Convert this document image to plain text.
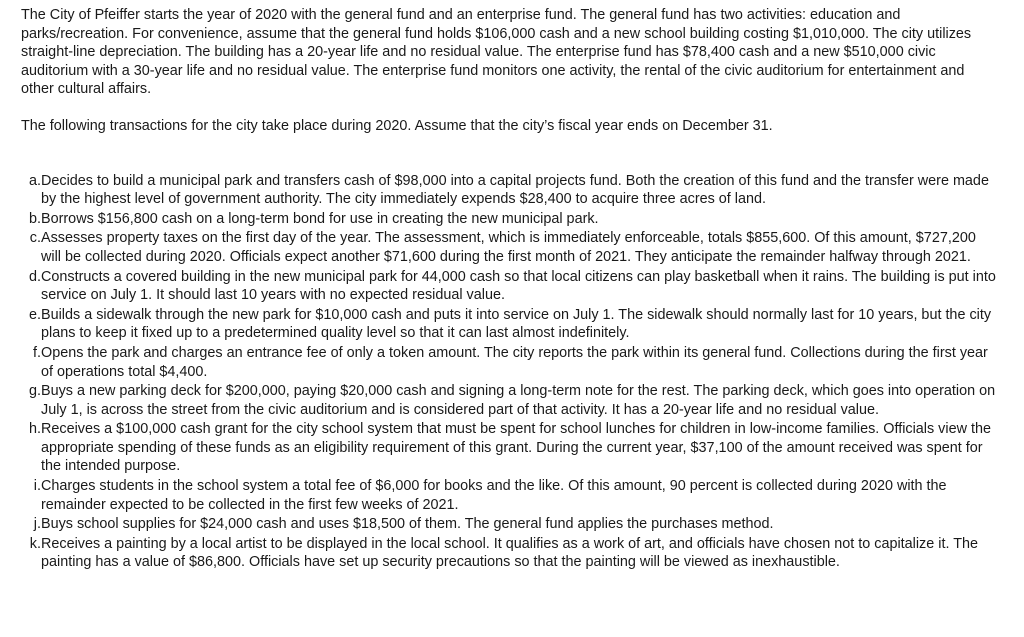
The City of Pfeiffer starts the year of 2020 with the general fund and an enterprise fund. The general fund has two activities: education and parks/recreation. For convenience, assume that the general fund holds $106,000 cash and a new school building costing $1,010,000. The city utilizes straight-line depreciation. The building has a 20-year life and no residual value. The enterprise fund has $78,400 cash and a new $510,000 civic auditorium with a 30-year life and no residual value. The enterprise fund monitors one activity, the rental of the civic auditorium for entertainment and other cultural affairs.

The following transactions for the city take place during 2020. Assume that the city’s fiscal year ends on December 31.

a. Decides to build a municipal park and transfers cash of $98,000 into a capital projects fund. Both the creation of this fund and the transfer were made by the highest level of government authority. The city immediately expends $28,400 to acquire three acres of land.
b. Borrows $156,800 cash on a long-term bond for use in creating the new municipal park.
c. Assesses property taxes on the first day of the year. The assessment, which is immediately enforceable, totals $855,600. Of this amount, $727,200 will be collected during 2020. Officials expect another $71,600 during the first month of 2021. They anticipate the remainder halfway through 2021.
d. Constructs a covered building in the new municipal park for 44,000 cash so that local citizens can play basketball when it rains. The building is put into service on July 1. It should last 10 years with no expected residual value.
e. Builds a sidewalk through the new park for $10,000 cash and puts it into service on July 1. The sidewalk should normally last for 10 years, but the city plans to keep it fixed up to a predetermined quality level so that it can last almost indefinitely.
f. Opens the park and charges an entrance fee of only a token amount. The city reports the park within its general fund. Collections during the first year of operations total $4,400.
g. Buys a new parking deck for $200,000, paying $20,000 cash and signing a long-term note for the rest. The parking deck, which goes into operation on July 1, is across the street from the civic auditorium and is considered part of that activity. It has a 20-year life and no residual value.
h. Receives a $100,000 cash grant for the city school system that must be spent for school lunches for children in low-income families. Officials view the appropriate spending of these funds as an eligibility requirement of this grant. During the current year, $37,100 of the amount received was spent for the intended purpose.
i. Charges students in the school system a total fee of $6,000 for books and the like. Of this amount, 90 percent is collected during 2020 with the remainder expected to be collected in the first few weeks of 2021.
j. Buys school supplies for $24,000 cash and uses $18,500 of them. The general fund applies the purchases method.
k. Receives a painting by a local artist to be displayed in the local school. It qualifies as a work of art, and officials have chosen not to capitalize it. The painting has a value of $86,800. Officials have set up security precautions so that the painting will be viewed as inexhaustible.
